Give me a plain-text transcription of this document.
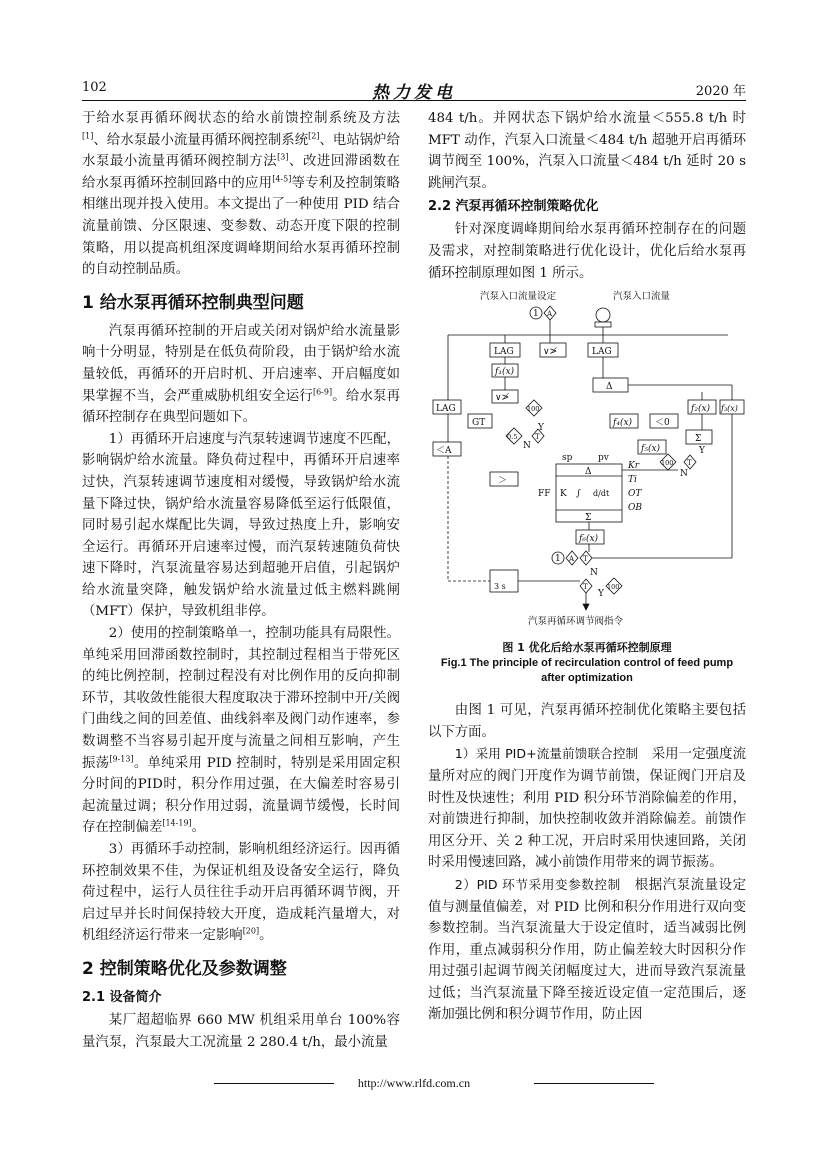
102	热力发电	2020 年

于给水泵再循环阀状态的给水前馈控制系统及方法[1]、给水泵最小流量再循环阀控制系统[2]、电站锅炉给水泵最小流量再循环阀控制方法[3]、改进回滞函数在给水泵再循环控制回路中的应用[4-5]等专利及控制策略相继出现并投入使用。本文提出了一种使用 PID 结合流量前馈、分区限速、变参数、动态开度下限的控制策略，用以提高机组深度调峰期间给水泵再循环控制的自动控制品质。

1 给水泵再循环控制典型问题

汽泵再循环控制的开启或关闭对锅炉给水流量影响十分明显，特别是在低负荷阶段，由于锅炉给水流量较低，再循环的开启时机、开启速率、开启幅度如果掌握不当，会严重威胁机组安全运行[6-9]。给水泵再循环控制存在典型问题如下。

1）再循环开启速度与汽泵转速调节速度不匹配，影响锅炉给水流量。降负荷过程中，再循环开启速率过快，汽泵转速调节速度相对缓慢，导致锅炉给水流量下降过快，锅炉给水流量容易降低至运行低限值，同时易引起水煤配比失调，导致过热度上升，影响安全运行。再循环开启速率过慢，而汽泵转速随负荷快速下降时，汽泵流量容易达到超驰开启值，引起锅炉给水流量突降，触发锅炉给水流量过低主燃料跳闸（MFT）保护，导致机组非停。

2）使用的控制策略单一，控制功能具有局限性。单纯采用回滞函数控制时，其控制过程相当于带死区的纯比例控制，控制过程没有对比例作用的反向抑制环节，其收敛性能很大程度取决于滞环控制中开/关阀门曲线之间的回差值、曲线斜率及阀门动作速率，参数调整不当容易引起开度与流量之间相互影响，产生振荡[9-13]。单纯采用 PID 控制时，特别是采用固定积分时间的PID时，积分作用过强，在大偏差时容易引起流量过调；积分作用过弱，流量调节缓慢，长时间存在控制偏差[14-19]。

3）再循环手动控制，影响机组经济运行。因再循环控制效果不佳，为保证机组及设备安全运行，降负荷过程中，运行人员往往手动开启再循环调节阀，开启过早并长时间保持较大开度，造成耗汽量增大，对机组经济运行带来一定影响[20]。

2 控制策略优化及参数调整
2.1 设备简介

某厂超超临界 660 MW 机组采用单台 100%容量汽泵，汽泵最大工况流量 2 280.4 t/h，最小流量

484 t/h。并网状态下锅炉给水流量＜555.8 t/h 时MFT 动作，汽泵入口流量＜484 t/h 超驰开启再循环调节阀至 100%，汽泵入口流量＜484 t/h 延时 20 s 跳闸汽泵。

2.2 汽泵再循环控制策略优化

针对深度调峰期间给水泵再循环控制存在的问题及需求，对控制策略进行优化设计，优化后给水泵再循环控制原理如图 1 所示。

汽泵入口流量设定	汽泵入口流量
1 A
LAG
f₁(x)
∨≯	LAG
Δ
∨≯
100
LAG
GT	Y
0.5	T
N
＜A
f₂(x) f₃(x)
f₄(x)	＜0
f₅(x)
Σ
Y
100 T
N
sp	pv
Δ
K ∫ d/dt
Σ
FF
Kr
Ti
OT
OB
＞
f₆(x)
1 A T
N
3 s	T
Y
100
汽泵再循环调节阀指令
图 1 优化后给水泵再循环控制原理
Fig.1 The principle of recirculation control of feed pump after optimization

由图 1 可见，汽泵再循环控制优化策略主要包括以下方面。

1）采用 PID+流量前馈联合控制　采用一定强度流量所对应的阀门开度作为调节前馈，保证阀门开启及时性及快速性；利用 PID 积分环节消除偏差的作用，对前馈进行抑制，加快控制收敛并消除偏差。前馈作用区分开、关 2 种工况，开启时采用快速回路，关闭时采用慢速回路，减小前馈作用带来的调节振荡。

2）PID 环节采用变参数控制　根据汽泵流量设定值与测量值偏差，对 PID 比例和积分作用进行双向变参数控制。当汽泵流量大于设定值时，适当减弱比例作用，重点减弱积分作用，防止偏差较大时因积分作用过强引起调节阀关闭幅度过大，进而导致汽泵流量过低；当汽泵流量下降至接近设定值一定范围后，逐渐加强比例和积分调节作用，防止因

http://www.rlfd.com.cn
